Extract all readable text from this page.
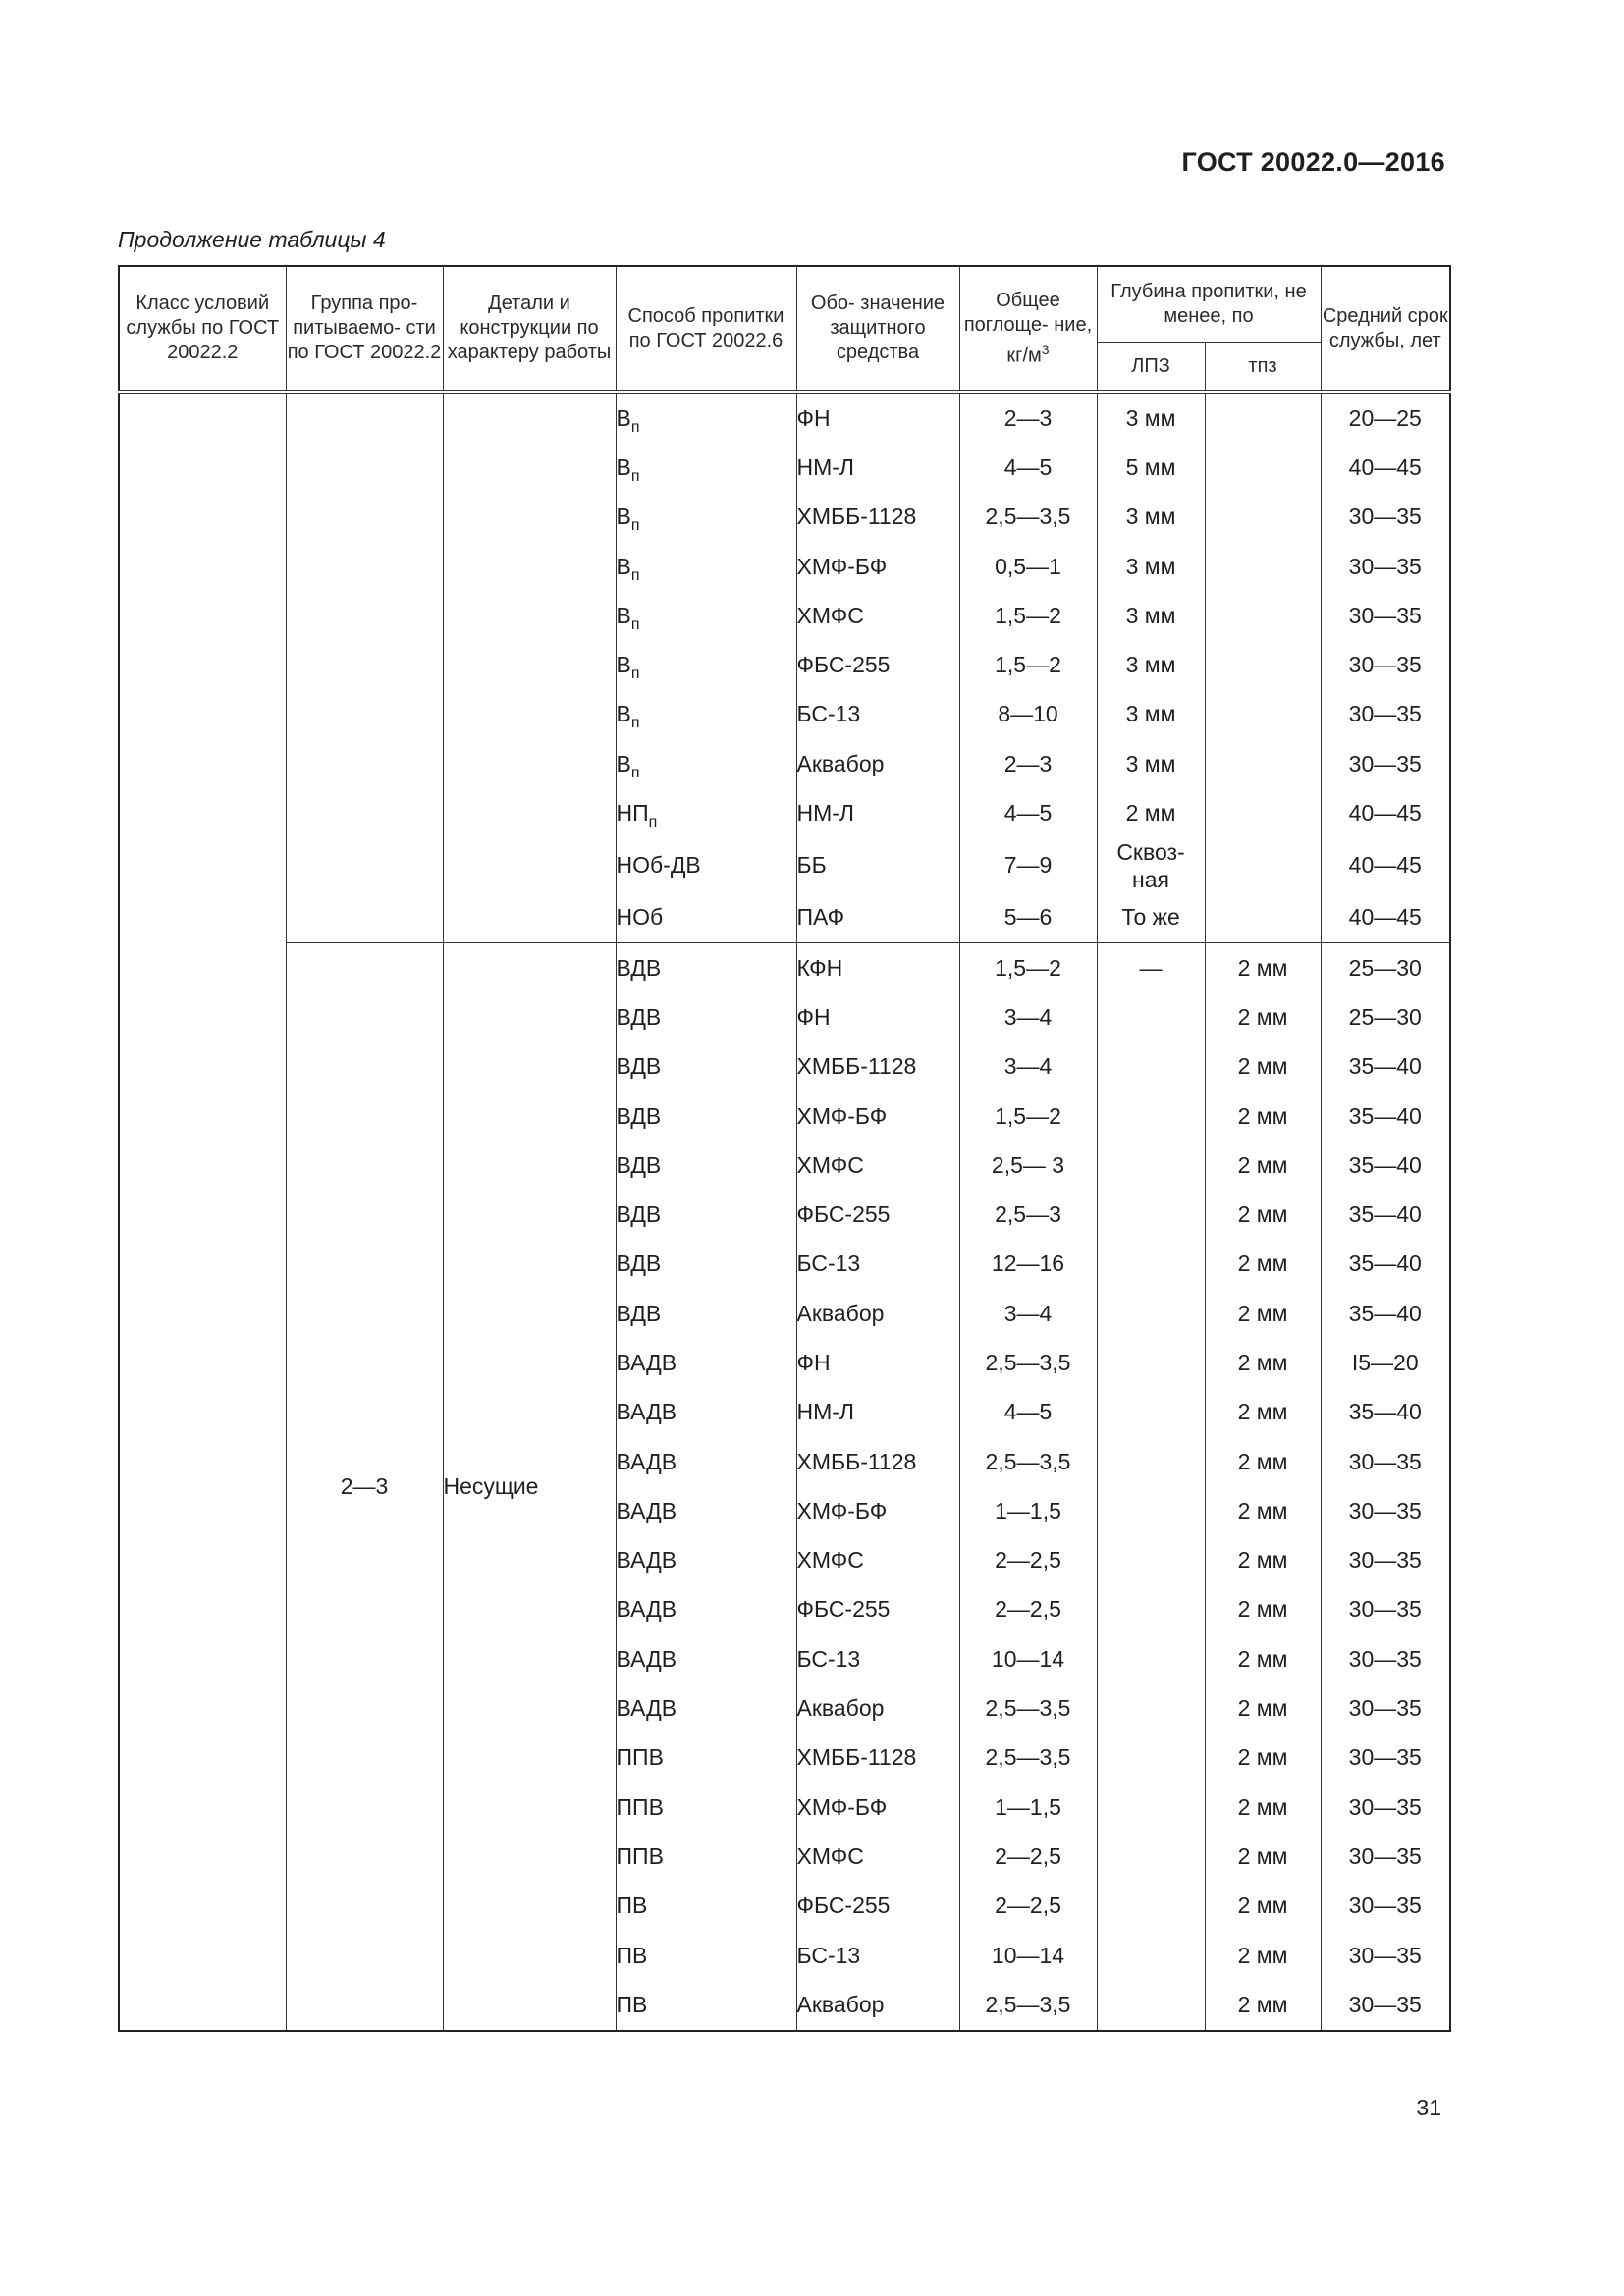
ГОСТ 20022.0—2016
Продолжение таблицы 4
Класс условий службы по ГОСТ 20022.2	Группа про- питываемо- сти по ГОСТ 20022.2	Детали и конструкции по характеру работы	Способ пропитки по ГОСТ 20022.6	Обо- значение защитного средства	Общее поглоще- ние, $кг/м^3$	Глубина пропитки, не менее, по		Средний срок службы, лет
						ЛПЗ	тпз	
			$В_п$	ФН	2—3	3 мм		20—25
			$В_п$	НМ-Л	4—5	5 мм		40—45
			$В_п$	ХМББ-1128	2,5—3,5	3 мм		30—35
			$В_п$	ХМФ-БФ	0,5—1	3 мм		30—35
			$В_п$	ХМФС	1,5—2	3 мм		30—35
			$В_п$	ФБС-255	1,5—2	3 мм		30—35
			$В_п$	БС-13	8—10	3 мм		30—35
			$В_п$	Аквабор	2—3	3 мм		30—35
			$НП_п$	НМ-Л	4—5	2 мм		40—45
			НОб-ДВ	ББ	7—9	Сквоз- ная		40—45
			НОб	ПАФ	5—6	То же		40—45
	2—3	Несущие	ВДВ	КФН	1,5—2	—	2 мм	25—30
			ВДВ	ФН	3—4		2 мм	25—30
			ВДВ	ХМББ-1128	3—4		2 мм	35—40
			ВДВ	ХМФ-БФ	1,5—2		2 мм	35—40
			ВДВ	ХМФС	2,5— 3		2 мм	35—40
			ВДВ	ФБС-255	2,5—3		2 мм	35—40
			ВДВ	БС-13	12—16		2 мм	35—40
			ВДВ	Аквабор	3—4		2 мм	35—40
			ВАДВ	ФН	2,5—3,5		2 мм	I5—20
			ВАДВ	НМ-Л	4—5		2 мм	35—40
			ВАДВ	ХМББ-1128	2,5—3,5		2 мм	30—35
			ВАДВ	ХМФ-БФ	1—1,5		2 мм	30—35
			ВАДВ	ХМФС	2—2,5		2 мм	30—35
			ВАДВ	ФБС-255	2—2,5		2 мм	30—35
			ВАДВ	БС-13	10—14		2 мм	30—35
			ВАДВ	Аквабор	2,5—3,5		2 мм	30—35
			ППВ	ХМББ-1128	2,5—3,5		2 мм	30—35
			ППВ	ХМФ-БФ	1—1,5		2 мм	30—35
			ППВ	ХМФС	2—2,5		2 мм	30—35
			ПВ	ФБС-255	2—2,5		2 мм	30—35
			ПВ	БС-13	10—14		2 мм	30—35
			ПВ	Аквабор	2,5—3,5		2 мм	30—35
31
